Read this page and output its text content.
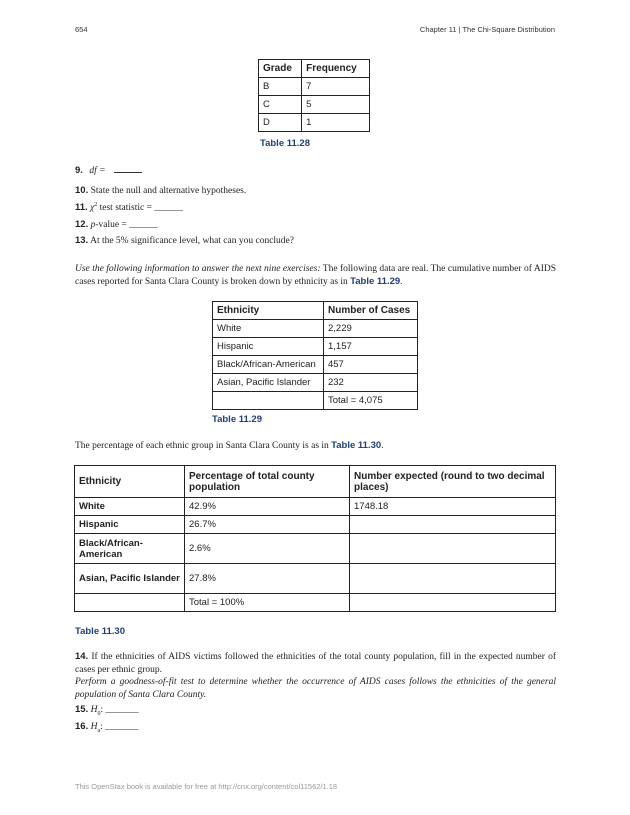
654	Chapter 11 | The Chi-Square Distribution
Grade	Frequency
B	7
C	5
D	1
Table 11.28
9. df =
10. State the null and alternative hypotheses.
11. $\chi^2$ test statistic = ______
12. p-value = ______
13. At the 5% significance level, what can you conclude?
Use the following information to answer the next nine exercises: The following data are real. The cumulative number of AIDS cases reported for Santa Clara County is broken down by ethnicity as in Table 11.29.
Ethnicity	Number of Cases
White	2,229
Hispanic	1,157
Black/African-American	457
Asian, Pacific Islander	232
	Total = 4,075
Table 11.29
The percentage of each ethnic group in Santa Clara County is as in Table 11.30.
Ethnicity	Percentage of total county population	Number expected (round to two decimal places)
White	42.9%	1748.18
Hispanic	26.7%	
Black/African-American	2.6%	
Asian, Pacific Islander	27.8%	
	Total = 100%	
Table 11.30
14. If the ethnicities of AIDS victims followed the ethnicities of the total county population, fill in the expected number of cases per ethnic group.
Perform a goodness-of-fit test to determine whether the occurrence of AIDS cases follows the ethnicities of the general population of Santa Clara County.
15. $H_0$: _______
16. $H_a$: _______
This OpenStax book is available for free at http://cnx.org/content/col11562/1.18
